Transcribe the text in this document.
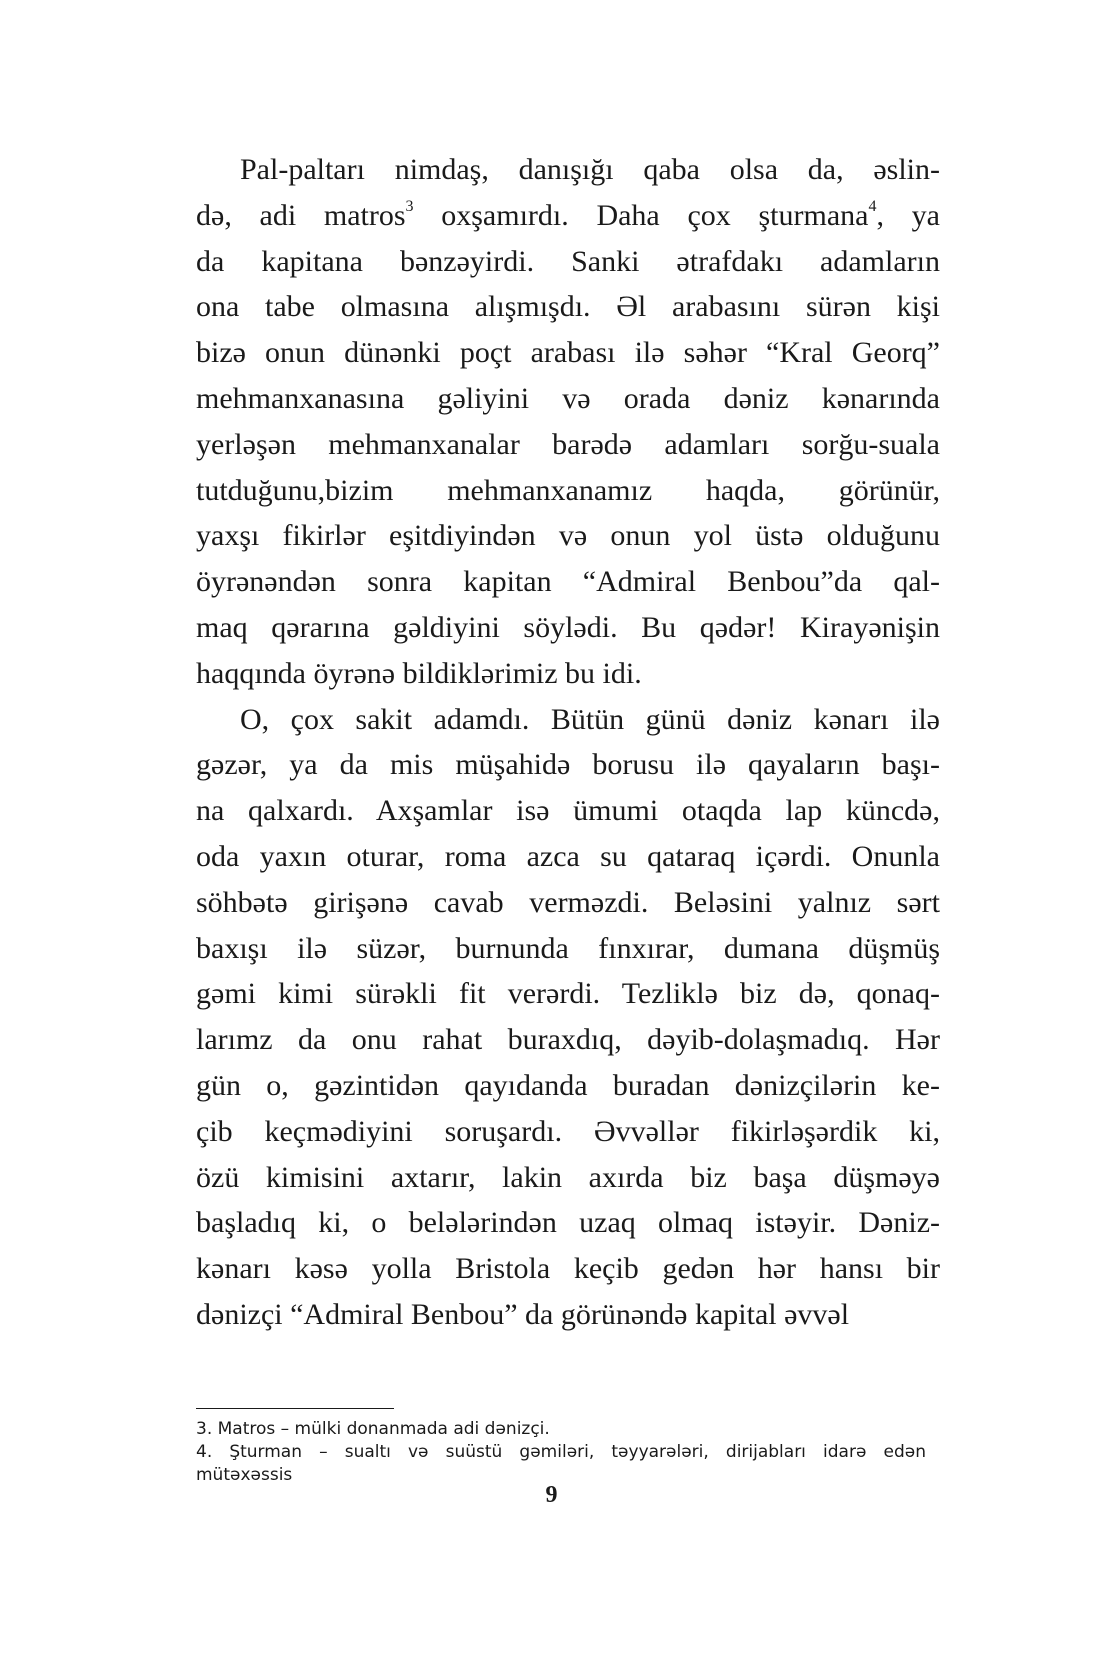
Pal-paltarı nimdaş, danışığı qaba olsa da, əslin-
də, adi matros$^3$ oxşamırdı. Daha çox şturmana$^4$, ya
da kapitana bənzəyirdi. Sanki ətrafdakı adamların
ona tabe olmasına alışmışdı. Əl arabasını sürən kişi
bizə onun dünənki poçt arabası ilə səhər “Kral Georq”
mehmanxanasına gəliyini və orada dəniz kənarında
yerləşən mehmanxanalar barədə adamları sorğu-suala
tutduğunu,bizim mehmanxanamız haqda, görünür,
yaxşı fikirlər eşitdiyindən və onun yol üstə olduğunu
öyrənəndən sonra kapitan “Admiral Benbou”da qal-
maq qərarına gəldiyini söylədi. Bu qədər! Kirayənişin
haqqında öyrənə bildiklərimiz bu idi.
O, çox sakit adamdı. Bütün günü dəniz kənarı ilə
gəzər, ya da mis müşahidə borusu ilə qayaların başı-
na qalxardı. Axşamlar isə ümumi otaqda lap küncdə,
oda yaxın oturar, roma azca su qataraq içərdi. Onunla
söhbətə girişənə cavab verməzdi. Beləsini yalnız sərt
baxışı ilə süzər, burnunda fınxırar, dumana düşmüş
gəmi kimi sürəkli fit verərdi. Tezliklə biz də, qonaq-
larımz da onu rahat buraxdıq, dəyib-dolaşmadıq. Hər
gün o, gəzintidən qayıdanda buradan dənizçilərin ke-
çib keçmədiyini soruşardı. Əvvəllər fikirləşərdik ki,
özü kimisini axtarır, lakin axırda biz başa düşməyə
başladıq ki, o belələrindən uzaq olmaq istəyir. Dəniz-
kənarı kəsə yolla Bristola keçib gedən hər hansı bir
dənizçi “Admiral Benbou” da görünəndə kapital əvvəl
3. Matros – mülki donanmada adi dənizçi.
4. Şturman – sualtı və suüstü gəmiləri, təyyarələri, dirijabları idarə edən
mütəxəssis
9
